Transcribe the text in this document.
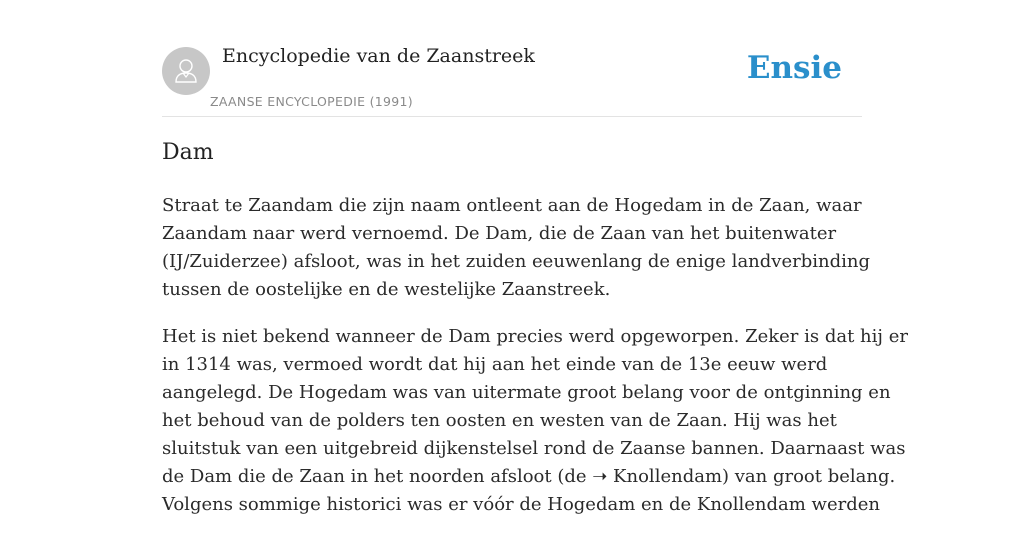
Encyclopedie van de Zaanstreek
ZAANSE ENCYCLOPEDIE (1991)
Ensie
Dam

Straat te Zaandam die zijn naam ontleent aan de Hogedam in de Zaan, waar
Zaandam naar werd vernoemd. De Dam, die de Zaan van het buitenwater
(IJ/Zuiderzee) afsloot, was in het zuiden eeuwenlang de enige landverbinding
tussen de oostelijke en de westelijke Zaanstreek.

Het is niet bekend wanneer de Dam precies werd opgeworpen. Zeker is dat hij er
in 1314 was, vermoed wordt dat hij aan het einde van de 13e eeuw werd
aangelegd. De Hogedam was van uitermate groot belang voor de ontginning en
het behoud van de polders ten oosten en westen van de Zaan. Hij was het
sluitstuk van een uitgebreid dijkenstelsel rond de Zaanse bannen. Daarnaast was
de Dam die de Zaan in het noorden afsloot (de ➝ Knollendam) van groot belang.
Volgens sommige historici was er vóór de Hogedam en de Knollendam werden
